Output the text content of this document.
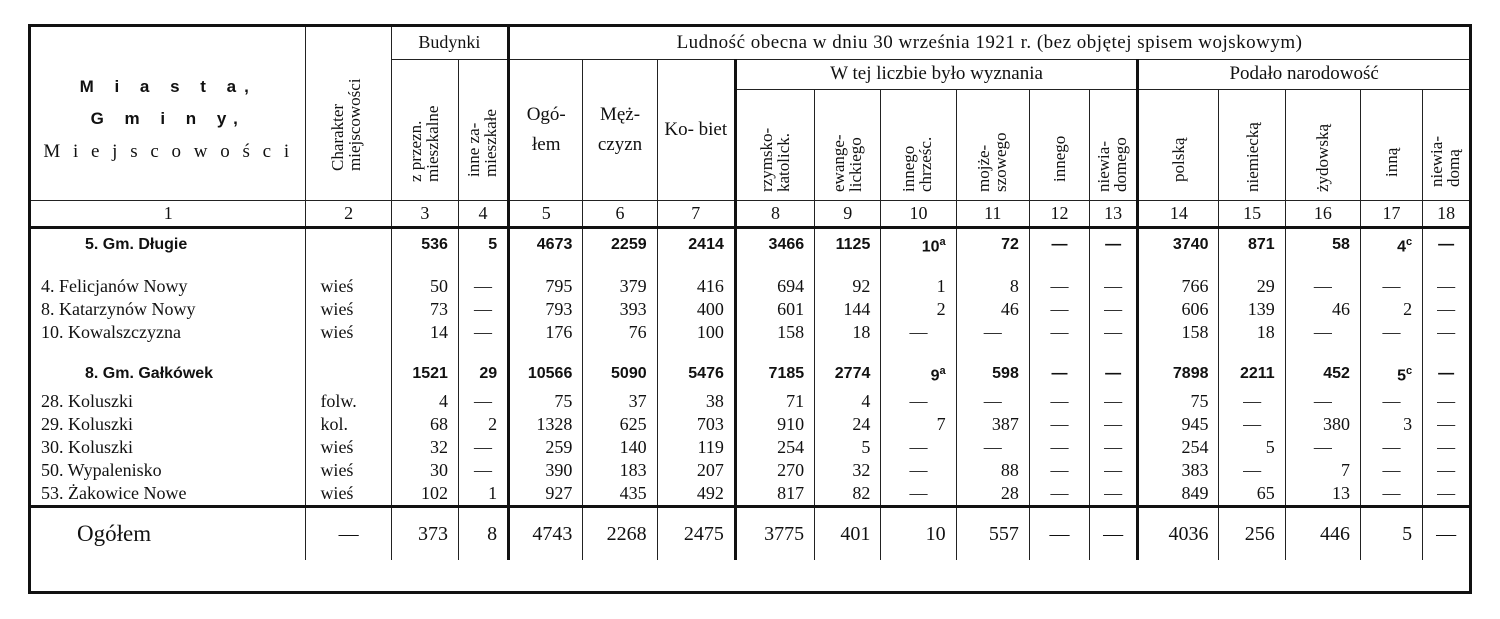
M i a s t a,
G m i n y,
M i e j s c o w o ś c i	Charakter miejscowości	Budynki		Ludność obecna w dniu 30 września 1921 r. (bez objętej spisem wojskowym)													
		z przezn. mieszkalne	inne za- mieszkałe	Ogó- łem	Męż- czyzn	Ko- biet	W tej liczbie było wyznania						Podało narodowość				
							rzymsko- katolick.	ewange- lickiego	innego chrześc.	mojże- szowego	innego	niewia- domego	polską	niemiecką	żydowską	inną	niewia- domą
1	2	3	4	5	6	7	8	9	10	11	12	13	14	15	16	17	18
5. Gm. Długie		536	5	4673	2259	2414	3466	1125	10$^a$	72	—	—	3740	871	58	4$^c$	—

4. Felicjanów Nowy	wieś	50	—	795	379	416	694	92	1	8	—	—	766	29	—	—	—
8. Katarzynów Nowy	wieś	73	—	793	393	400	601	144	2	46	—	—	606	139	46	2	—
10. Kowalszczyzna	wieś	14	—	176	76	100	158	18	—	—	—	—	158	18	—	—	—

8. Gm. Gałkówek		1521	29	10566	5090	5476	7185	2774	9$^a$	598	—	—	7898	2211	452	5$^c$	—
28. Koluszki	folw.	4	—	75	37	38	71	4	—	—	—	—	75	—	—	—	—
29. Koluszki	kol.	68	2	1328	625	703	910	24	7	387	—	—	945	—	380	3	—
30. Koluszki	wieś	32	—	259	140	119	254	5	—	—	—	—	254	5	—	—	—
50. Wypalenisko	wieś	30	—	390	183	207	270	32	—	88	—	—	383	—	7	—	—
53. Żakowice Nowe	wieś	102	1	927	435	492	817	82	—	28	—	—	849	65	13	—	—
Ogółem	—	373	8	4743	2268	2475	3775	401	10	557	—	—	4036	256	446	5	—
